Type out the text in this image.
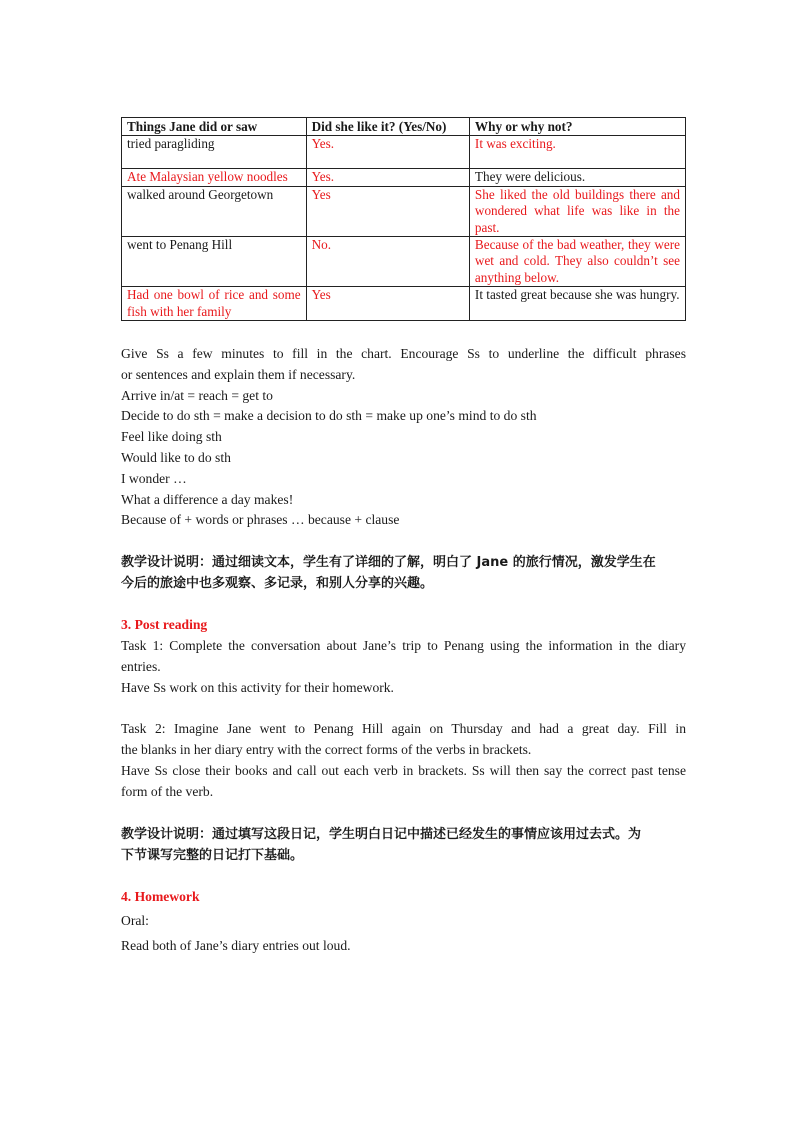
Things Jane did or saw	Did she like it? (Yes/No)	Why or why not?
tried paragliding	Yes.	It was exciting.
Ate Malaysian yellow noodles	Yes.	They were delicious.
walked around Georgetown	Yes	She liked the old buildings there and wondered what life was like in the past.
went to Penang Hill	No.	Because of the bad weather, they were wet and cold. They also couldn’t see anything below.
Had one bowl of rice and some fish with her family	Yes	It tasted great because she was hungry.

Give Ss a few minutes to fill in the chart. Encourage Ss to underline the difficult phrases

or sentences and explain them if necessary.

Arrive in/at = reach = get to

Decide to do sth = make a decision to do sth = make up one’s mind to do sth

Feel like doing sth

Would like to do sth

I wonder …

What a difference a day makes!

Because of + words or phrases … because + clause

教学设计说明：通过细读文本，学生有了详细的了解，明白了 Jane 的旅行情况，激发学生在

今后的旅途中也多观察、多记录，和别人分享的兴趣。

3. Post reading

Task 1: Complete the conversation about Jane’s trip to Penang using the information in the diary

entries.

Have Ss work on this activity for their homework.

Task 2: Imagine Jane went to Penang Hill again on Thursday and had a great day. Fill in

the blanks in her diary entry with the correct forms of the verbs in brackets.

Have Ss close their books and call out each verb in brackets. Ss will then say the correct past tense

form of the verb.

教学设计说明：通过填写这段日记，学生明白日记中描述已经发生的事情应该用过去式。为

下节课写完整的日记打下基础。

4. Homework

Oral:

Read both of Jane’s diary entries out loud.
